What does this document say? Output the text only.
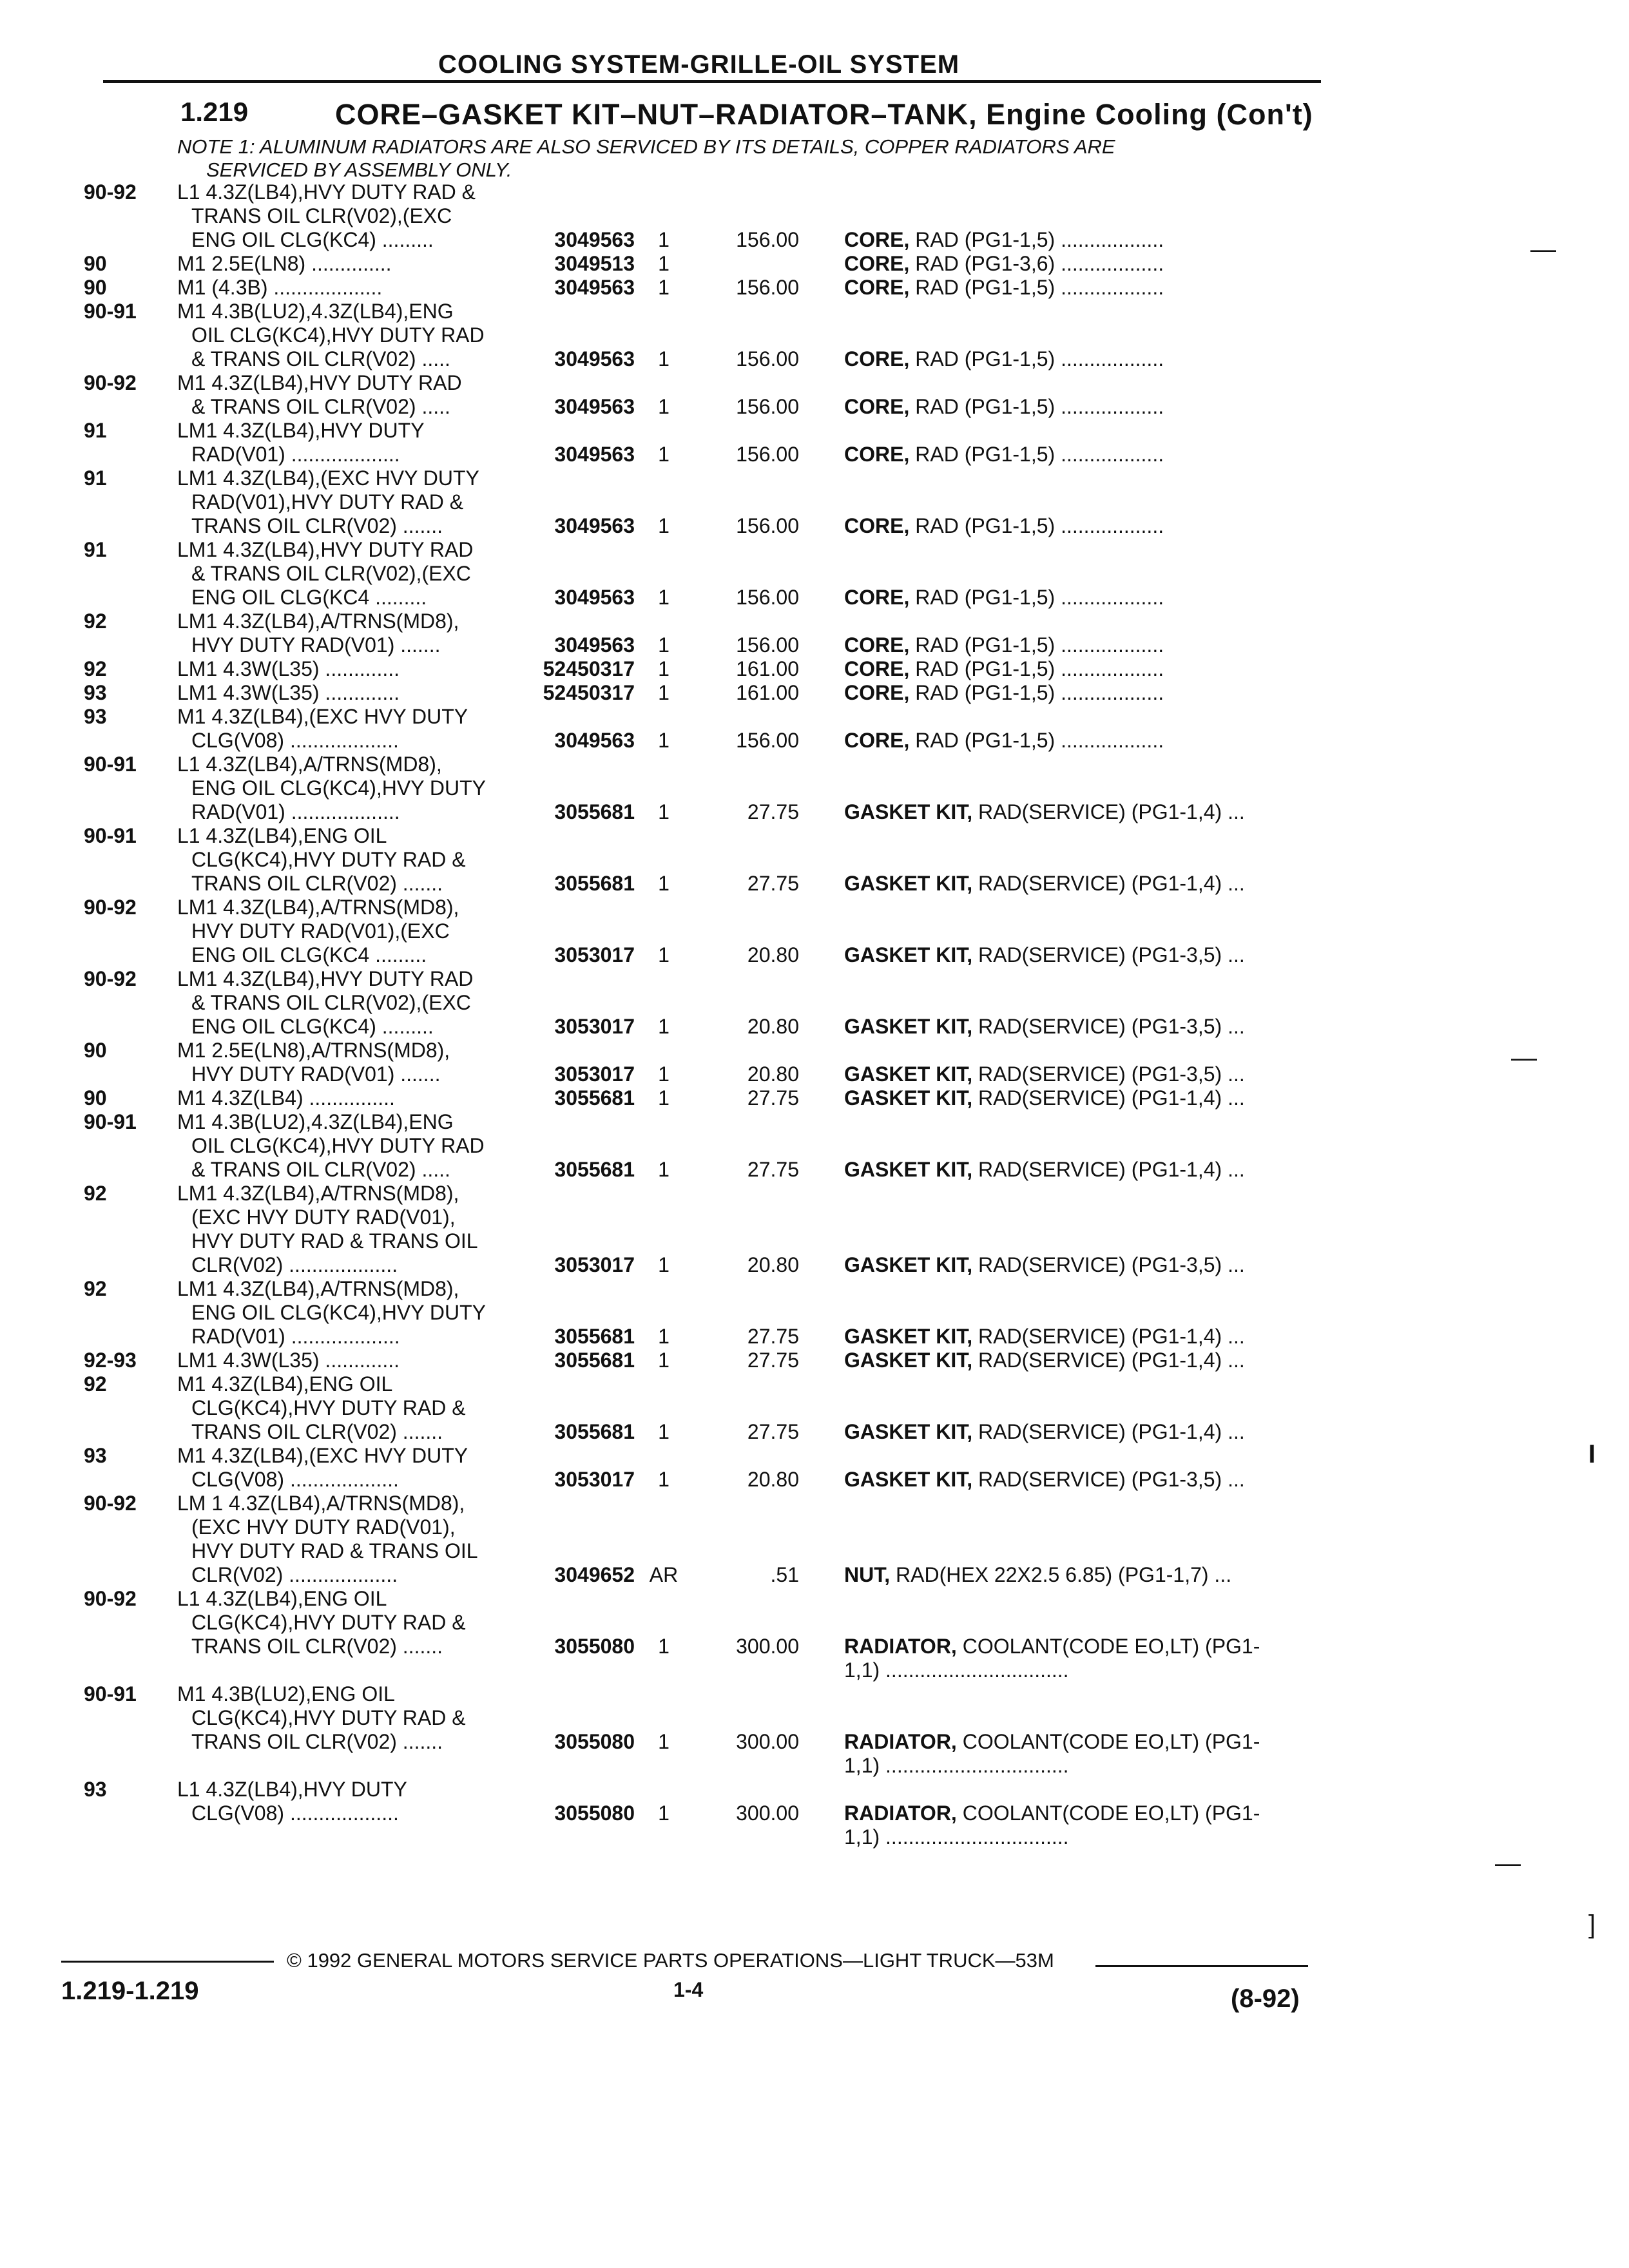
COOLING SYSTEM-GRILLE-OIL SYSTEM
1.219	CORE–GASKET KIT–NUT–RADIATOR–TANK, Engine Cooling (Con't)
NOTE 1: ALUMINUM RADIATORS ARE ALSO SERVICED BY ITS DETAILS, COPPER RADIATORS ARE
SERVICED BY ASSEMBLY ONLY.
90-92	L1 4.3Z(LB4),HVY DUTY RAD &
TRANS OIL CLR(V02),(EXC
ENG OIL CLG(KC4) .........	3049563	1	156.00 CORE, RAD (PG1-1,5) ..................
90	M1 2.5E(LN8) ..............	3049513	1	CORE, RAD (PG1-3,6) ..................
90	M1 (4.3B) ...................	3049563	1	156.00 CORE, RAD (PG1-1,5) ..................
90-91	M1 4.3B(LU2),4.3Z(LB4),ENG
OIL CLG(KC4),HVY DUTY RAD
& TRANS OIL CLR(V02) .....	3049563	1	156.00 CORE, RAD (PG1-1,5) ..................
90-92	M1 4.3Z(LB4),HVY DUTY RAD
& TRANS OIL CLR(V02) .....	3049563	1	156.00 CORE, RAD (PG1-1,5) ..................
91	LM1 4.3Z(LB4),HVY DUTY
RAD(V01) ...................	3049563	1	156.00 CORE, RAD (PG1-1,5) ..................
91	LM1 4.3Z(LB4),(EXC HVY DUTY
RAD(V01),HVY DUTY RAD &
TRANS OIL CLR(V02) .......	3049563	1	156.00 CORE, RAD (PG1-1,5) ..................
91	LM1 4.3Z(LB4),HVY DUTY RAD
& TRANS OIL CLR(V02),(EXC
ENG OIL CLG(KC4 .........	3049563	1	156.00 CORE, RAD (PG1-1,5) ..................
92	LM1 4.3Z(LB4),A/TRNS(MD8),
HVY DUTY RAD(V01) .......	3049563	1	156.00 CORE, RAD (PG1-1,5) ..................
92	LM1 4.3W(L35) .............	52450317	1	161.00 CORE, RAD (PG1-1,5) ..................
93	LM1 4.3W(L35) .............	52450317	1	161.00 CORE, RAD (PG1-1,5) ..................
93	M1 4.3Z(LB4),(EXC HVY DUTY
CLG(V08) ...................	3049563	1	156.00 CORE, RAD (PG1-1,5) ..................
90-91	L1 4.3Z(LB4),A/TRNS(MD8),
ENG OIL CLG(KC4),HVY DUTY
RAD(V01) ...................	3055681	1	27.75 GASKET KIT, RAD(SERVICE) (PG1-1,4) ...
90-91	L1 4.3Z(LB4),ENG OIL
CLG(KC4),HVY DUTY RAD &
TRANS OIL CLR(V02) .......	3055681	1	27.75 GASKET KIT, RAD(SERVICE) (PG1-1,4) ...
90-92	LM1 4.3Z(LB4),A/TRNS(MD8),
HVY DUTY RAD(V01),(EXC
ENG OIL CLG(KC4 .........	3053017	1	20.80 GASKET KIT, RAD(SERVICE) (PG1-3,5) ...
90-92	LM1 4.3Z(LB4),HVY DUTY RAD
& TRANS OIL CLR(V02),(EXC
ENG OIL CLG(KC4) .........	3053017	1	20.80 GASKET KIT, RAD(SERVICE) (PG1-3,5) ...
90	M1 2.5E(LN8),A/TRNS(MD8),
HVY DUTY RAD(V01) .......	3053017	1	20.80 GASKET KIT, RAD(SERVICE) (PG1-3,5) ...
90	M1 4.3Z(LB4) ...............	3055681	1	27.75 GASKET KIT, RAD(SERVICE) (PG1-1,4) ...
90-91	M1 4.3B(LU2),4.3Z(LB4),ENG
OIL CLG(KC4),HVY DUTY RAD
& TRANS OIL CLR(V02) .....	3055681	1	27.75 GASKET KIT, RAD(SERVICE) (PG1-1,4) ...
92	LM1 4.3Z(LB4),A/TRNS(MD8),
(EXC HVY DUTY RAD(V01),
HVY DUTY RAD & TRANS OIL
CLR(V02) ...................	3053017	1	20.80 GASKET KIT, RAD(SERVICE) (PG1-3,5) ...
92	LM1 4.3Z(LB4),A/TRNS(MD8),
ENG OIL CLG(KC4),HVY DUTY
RAD(V01) ...................	3055681	1	27.75 GASKET KIT, RAD(SERVICE) (PG1-1,4) ...
92-93	LM1 4.3W(L35) .............	3055681	1	27.75 GASKET KIT, RAD(SERVICE) (PG1-1,4) ...
92	M1 4.3Z(LB4),ENG OIL
CLG(KC4),HVY DUTY RAD &
TRANS OIL CLR(V02) .......	3055681	1	27.75 GASKET KIT, RAD(SERVICE) (PG1-1,4) ...
93	M1 4.3Z(LB4),(EXC HVY DUTY
CLG(V08) ...................	3053017	1	20.80 GASKET KIT, RAD(SERVICE) (PG1-3,5) ...
90-92	LM 1 4.3Z(LB4),A/TRNS(MD8),
(EXC HVY DUTY RAD(V01),
HVY DUTY RAD & TRANS OIL
CLR(V02) ...................	3049652 AR	.51 NUT, RAD(HEX 22X2.5 6.85) (PG1-1,7) ...
90-92	L1 4.3Z(LB4),ENG OIL
CLG(KC4),HVY DUTY RAD &
TRANS OIL CLR(V02) .......	3055080	1	300.00 RADIATOR, COOLANT(CODE EO,LT) (PG1-
1,1) ................................
90-91	M1 4.3B(LU2),ENG OIL
CLG(KC4),HVY DUTY RAD &
TRANS OIL CLR(V02) .......	3055080	1	300.00 RADIATOR, COOLANT(CODE EO,LT) (PG1-
1,1) ................................
93	L1 4.3Z(LB4),HVY DUTY
CLG(V08) ...................	3055080	1	300.00 RADIATOR, COOLANT(CODE EO,LT) (PG1-
1,1) ................................
—
—
I
—
]
1.219-1.219
© 1992 GENERAL MOTORS SERVICE PARTS OPERATIONS—LIGHT TRUCK—53M
1-4	(8-92)
